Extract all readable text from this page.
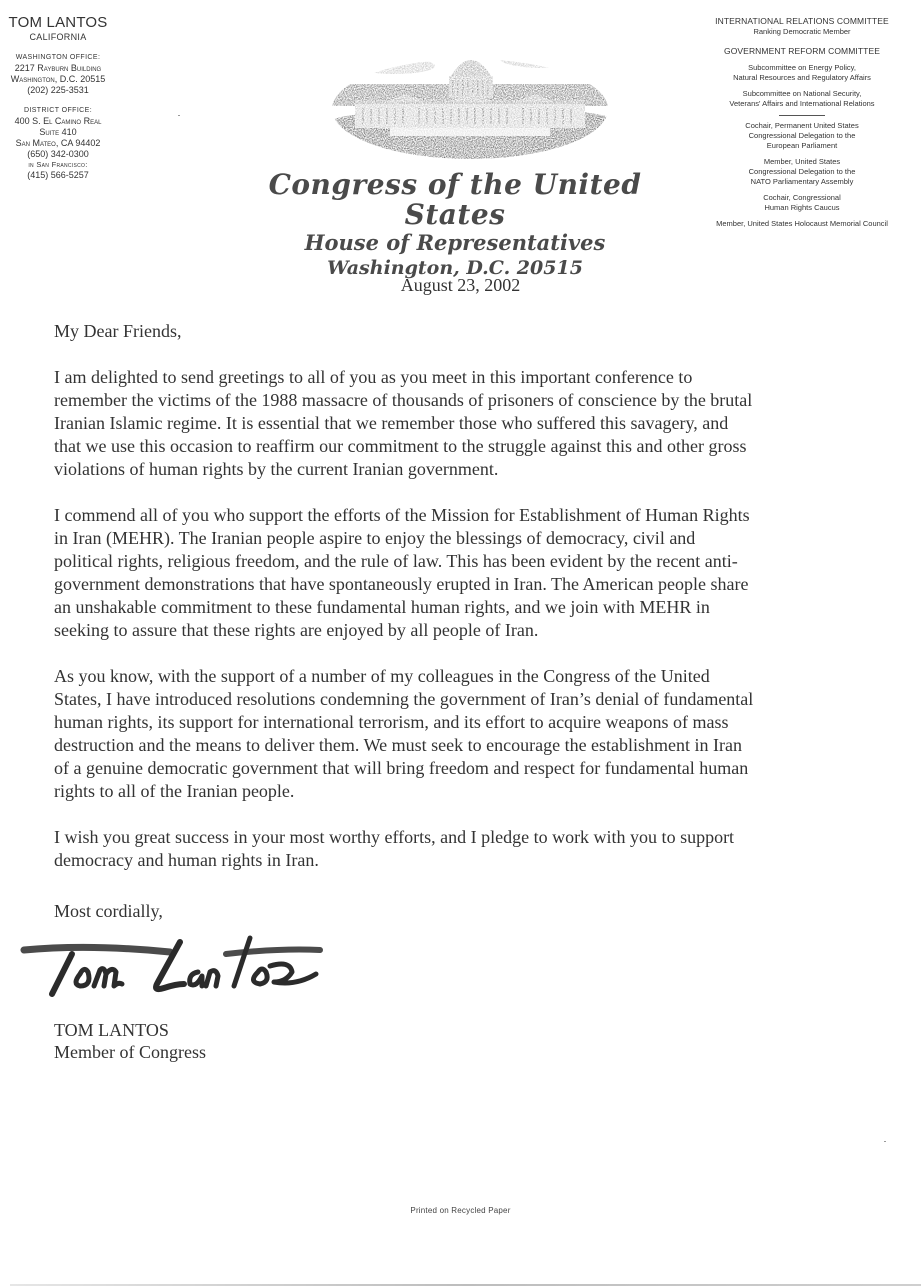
TOM LANTOS
CALIFORNIA
WASHINGTON OFFICE:
2217 Rayburn Building
Washington, D.C. 20515
(202) 225-3531
DISTRICT OFFICE:
400 S. El Camino Real
Suite 410
San Mateo, CA 94402
(650) 342-0300
in San Francisco:
(415) 566-5257
INTERNATIONAL RELATIONS COMMITTEE
Ranking Democratic Member
GOVERNMENT REFORM COMMITTEE
Subcommittee on Energy Policy,
Natural Resources and Regulatory Affairs
Subcommittee on National Security,
Veterans' Affairs and International Relations
Cochair, Permanent United States
Congressional Delegation to the
European Parliament
Member, United States
Congressional Delegation to the
NATO Parliamentary Assembly
Cochair, Congressional
Human Rights Caucus
Member, United States Holocaust Memorial Council
Congress of the United States
House of Representatives
Washington, D.C. 20515
August 23, 2002

My Dear Friends,

I am delighted to send greetings to all of you as you meet in this important conference to
remember the victims of the 1988 massacre of thousands of prisoners of conscience by the brutal
Iranian Islamic regime. It is essential that we remember those who suffered this savagery, and
that we use this occasion to reaffirm our commitment to the struggle against this and other gross
violations of human rights by the current Iranian government.

I commend all of you who support the efforts of the Mission for Establishment of Human Rights
in Iran (MEHR). The Iranian people aspire to enjoy the blessings of democracy, civil and
political rights, religious freedom, and the rule of law. This has been evident by the recent anti-
government demonstrations that have spontaneously erupted in Iran. The American people share
an unshakable commitment to these fundamental human rights, and we join with MEHR in
seeking to assure that these rights are enjoyed by all people of Iran.

As you know, with the support of a number of my colleagues in the Congress of the United
States, I have introduced resolutions condemning the government of Iran’s denial of fundamental
human rights, its support for international terrorism, and its effort to acquire weapons of mass
destruction and the means to deliver them. We must seek to encourage the establishment in Iran
of a genuine democratic government that will bring freedom and respect for fundamental human
rights to all of the Iranian people.

I wish you great success in your most worthy efforts, and I pledge to work with you to support
democracy and human rights in Iran.

Most cordially,
TOM LANTOS
Member of Congress
Printed on Recycled Paper
